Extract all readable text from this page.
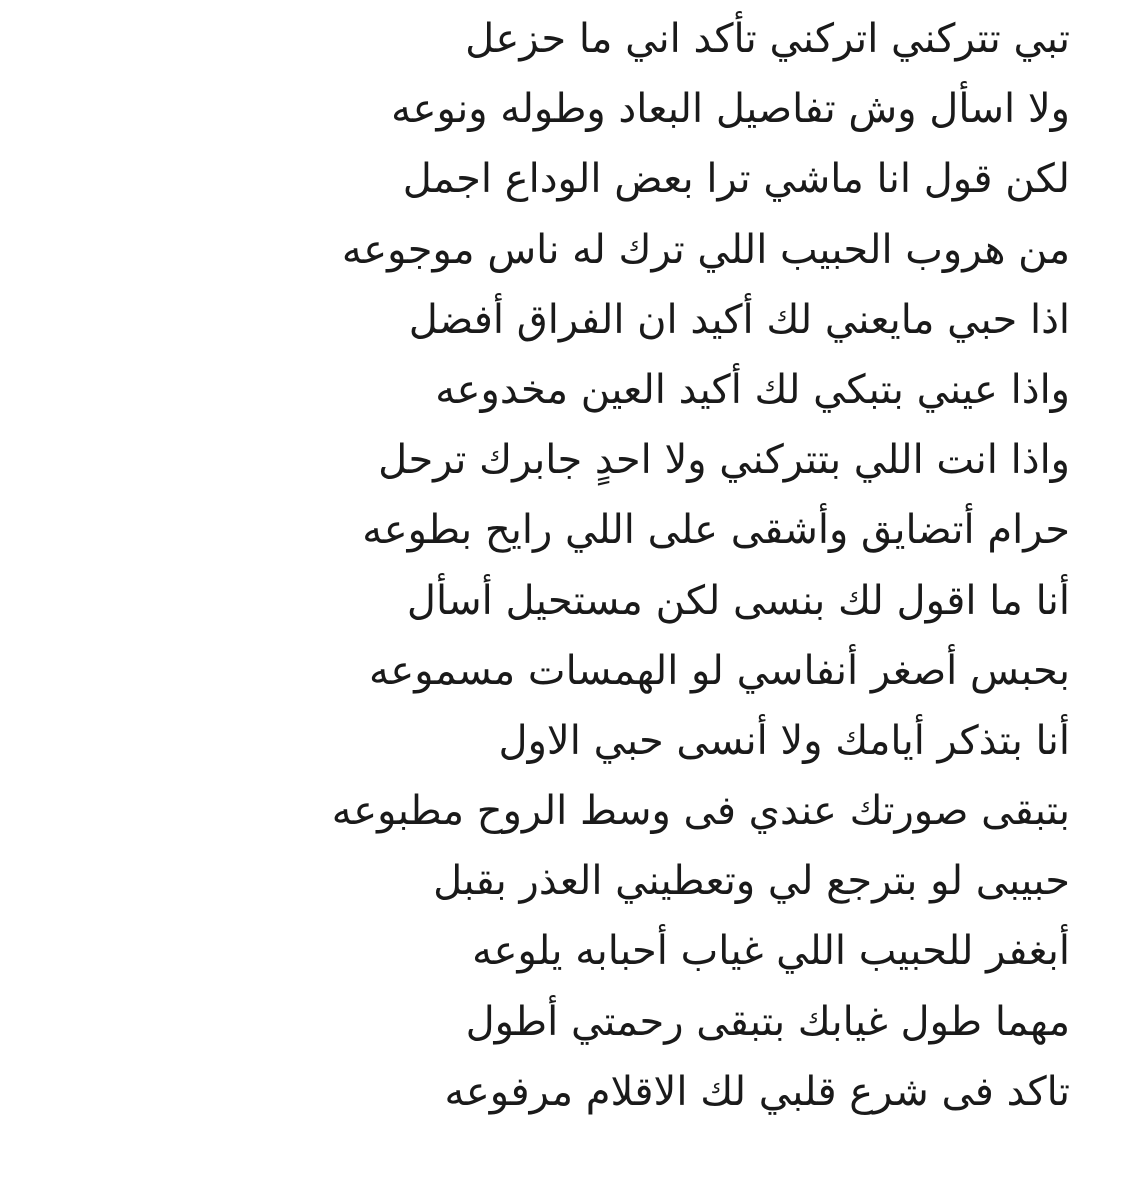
تبي تتركني اتركني تأكد اني ما حزعل
ولا اسأل وش تفاصيل البعاد وطوله ونوعه
لكن قول انا ماشي ترا بعض الوداع اجمل
من هروب الحبيب اللي ترك له ناس موجوعه
اذا حبي مايعني لك أكيد ان الفراق أفضل
واذا عيني بتبكي لك أكيد العين مخدوعه
واذا انت اللي بتتركني ولا احدٍ جابرك ترحل
حرام أتضايق وأشقى على اللي رايح بطوعه
أنا ما اقول لك بنسى لكن مستحيل أسأل
بحبس أصغر أنفاسي لو الهمسات مسموعه
أنا بتذكر أيامك ولا أنسى حبي الاول
بتبقى صورتك عندي فى وسط الروح مطبوعه
حبيبى لو بترجع لي وتعطيني العذر بقبل
أبغفر للحبيب اللي غياب أحبابه يلوعه
مهما طول غيابك بتبقى رحمتي أطول
تاكد فى شرع قلبي لك الاقلام مرفوعه
